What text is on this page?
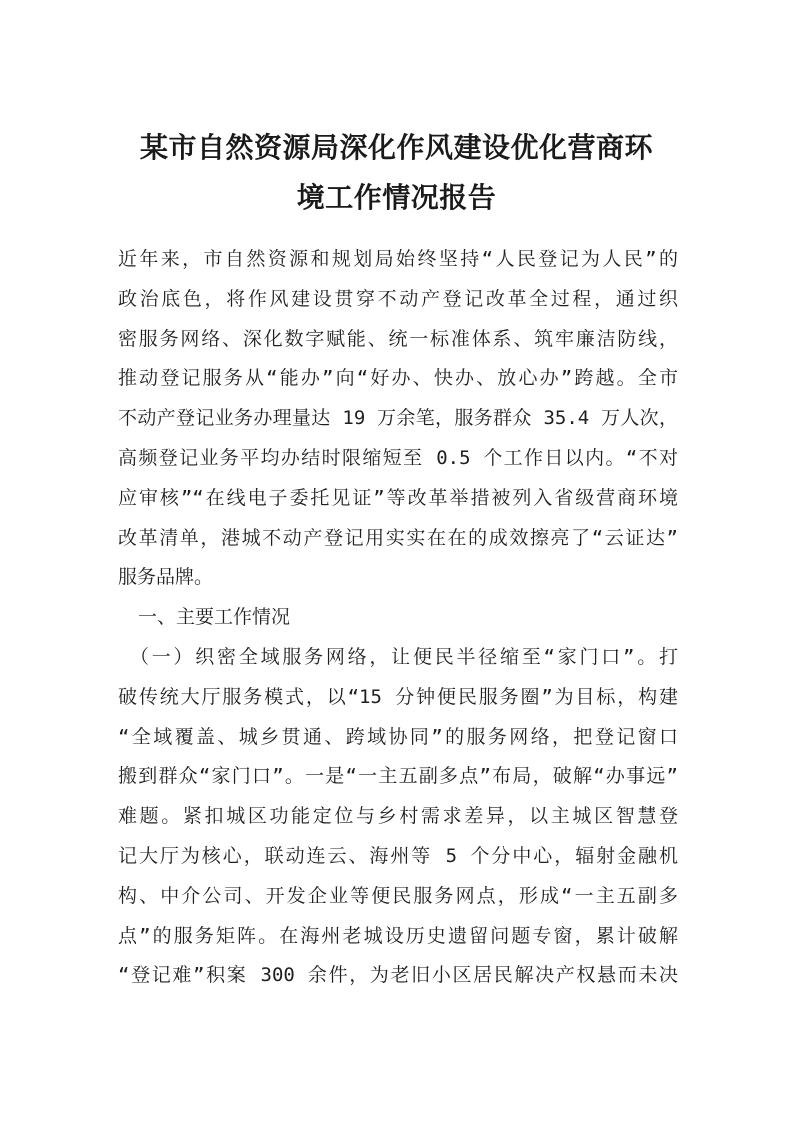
某市自然资源局深化作风建设优化营商环
境工作情况报告
近年来，市自然资源和规划局始终坚持“人民登记为人民”的
政治底色，将作风建设贯穿不动产登记改革全过程，通过织
密服务网络、深化数字赋能、统一标准体系、筑牢廉洁防线，
推动登记服务从“能办”向“好办、快办、放心办”跨越。全市
不动产登记业务办理量达 19 万余笔，服务群众 35.4 万人次，
高频登记业务平均办结时限缩短至 0.5 个工作日以内。“不对
应审核”“在线电子委托见证”等改革举措被列入省级营商环境
改革清单，港城不动产登记用实实在在的成效擦亮了“云证达”
服务品牌。
一、主要工作情况
（一）织密全域服务网络，让便民半径缩至“家门口”。打
破传统大厅服务模式，以“15 分钟便民服务圈”为目标，构建
“全域覆盖、城乡贯通、跨域协同”的服务网络，把登记窗口
搬到群众“家门口”。一是“一主五副多点”布局，破解“办事远”
难题。紧扣城区功能定位与乡村需求差异，以主城区智慧登
记大厅为核心，联动连云、海州等 5 个分中心，辐射金融机
构、中介公司、开发企业等便民服务网点，形成“一主五副多
点”的服务矩阵。在海州老城设历史遗留问题专窗，累计破解
“登记难”积案 300 余件，为老旧小区居民解决产权悬而未决
